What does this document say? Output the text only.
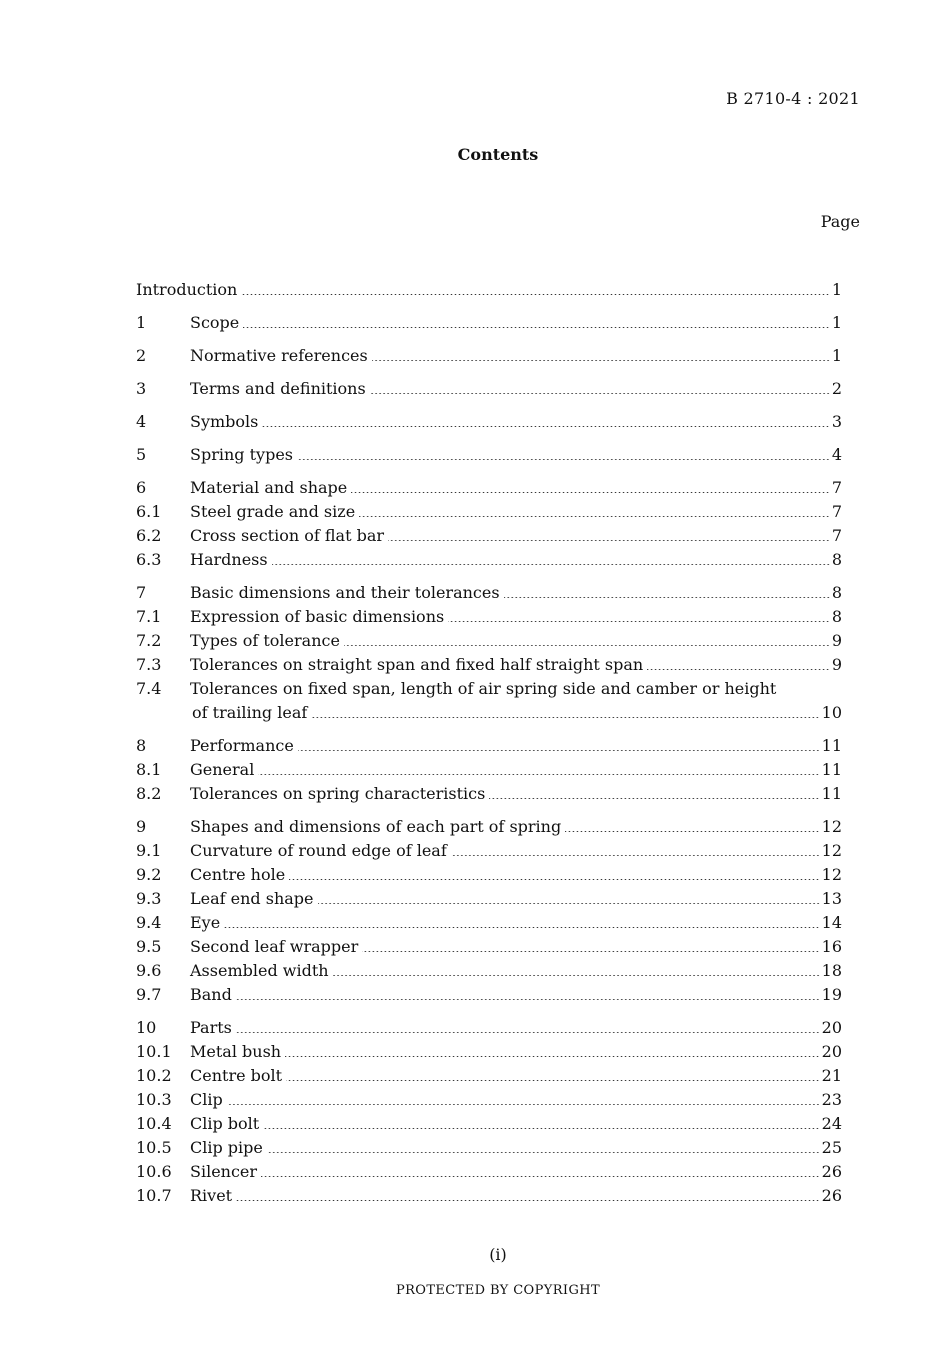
B 2710-4 : 2021
Contents
Page
Introduction	1
1	Scope	1
2	Normative references	1
3	Terms and definitions	2
4	Symbols	3
5	Spring types	4
6	Material and shape	7
6.1	Steel grade and size	7
6.2	Cross section of flat bar	7
6.3	Hardness	8
7	Basic dimensions and their tolerances	8
7.1	Expression of basic dimensions	8
7.2	Types of tolerance	9
7.3	Tolerances on straight span and fixed half straight span	9
7.4	Tolerances on fixed span, length of air spring side and camber or height
of trailing leaf	10
8	Performance	11
8.1	General	11
8.2	Tolerances on spring characteristics	11
9	Shapes and dimensions of each part of spring	12
9.1	Curvature of round edge of leaf	12
9.2	Centre hole	12
9.3	Leaf end shape	13
9.4	Eye	14
9.5	Second leaf wrapper	16
9.6	Assembled width	18
9.7	Band	19
10	Parts	20
10.1	Metal bush	20
10.2	Centre bolt	21
10.3	Clip	23
10.4	Clip bolt	24
10.5	Clip pipe	25
10.6	Silencer	26
10.7	Rivet	26
(i)
PROTECTED BY COPYRIGHT
